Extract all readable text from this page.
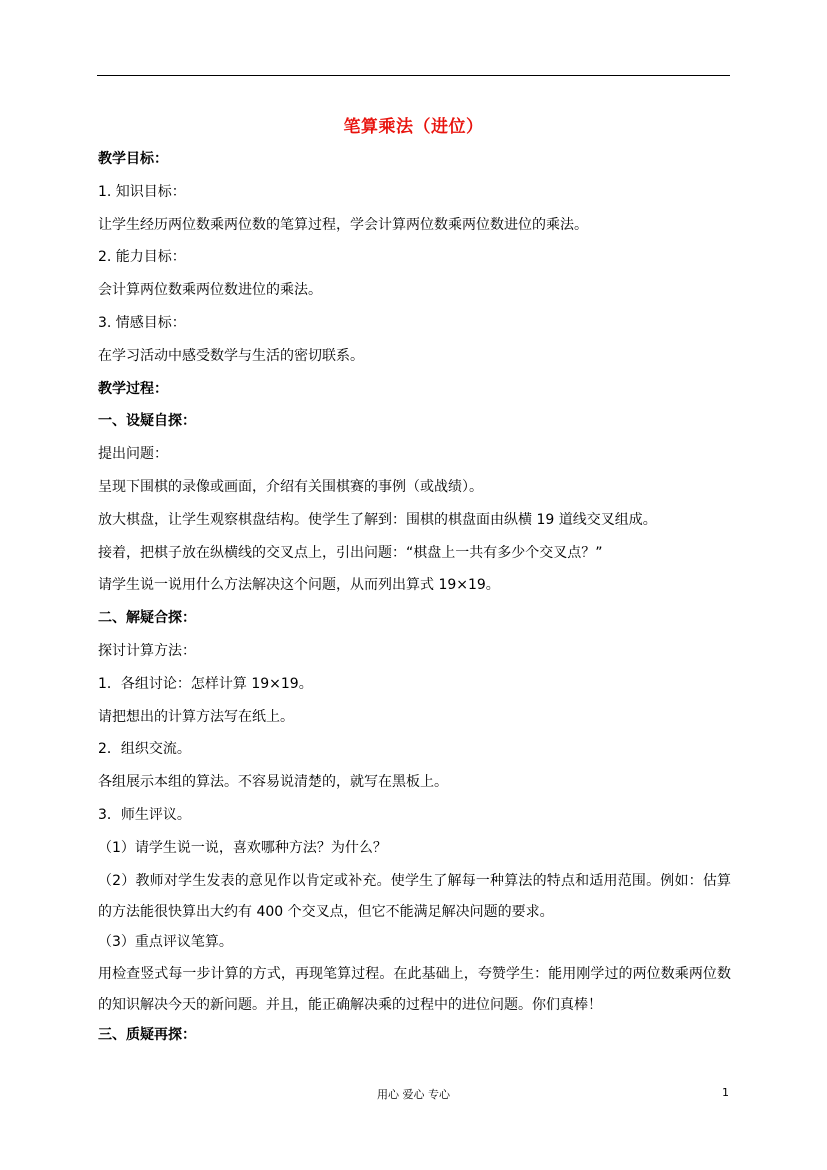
笔算乘法（进位）
教学目标：
1. 知识目标：
让学生经历两位数乘两位数的笔算过程，学会计算两位数乘两位数进位的乘法。
2. 能力目标：
会计算两位数乘两位数进位的乘法。
3. 情感目标：
在学习活动中感受数学与生活的密切联系。
教学过程：
一、设疑自探：
提出问题：
呈现下围棋的录像或画面，介绍有关围棋赛的事例（或战绩）。
放大棋盘，让学生观察棋盘结构。使学生了解到：围棋的棋盘面由纵横 19 道线交叉组成。
接着，把棋子放在纵横线的交叉点上，引出问题：“棋盘上一共有多少个交叉点？”
请学生说一说用什么方法解决这个问题，从而列出算式 19×19。
二、解疑合探：
探讨计算方法：
1．各组讨论：怎样计算 19×19。
请把想出的计算方法写在纸上。
2．组织交流。
各组展示本组的算法。不容易说清楚的，就写在黑板上。
3．师生评议。
（1）请学生说一说，喜欢哪种方法？为什么？
（2）教师对学生发表的意见作以肯定或补充。使学生了解每一种算法的特点和适用范围。例如：估算的方法能很快算出大约有 400 个交叉点，但它不能满足解决问题的要求。
（3）重点评议笔算。
用检查竖式每一步计算的方式，再现笔算过程。在此基础上，夸赞学生：能用刚学过的两位数乘两位数的知识解决今天的新问题。并且，能正确解决乘的过程中的进位问题。你们真棒！
三、质疑再探：
用心 爱心 专心	1
